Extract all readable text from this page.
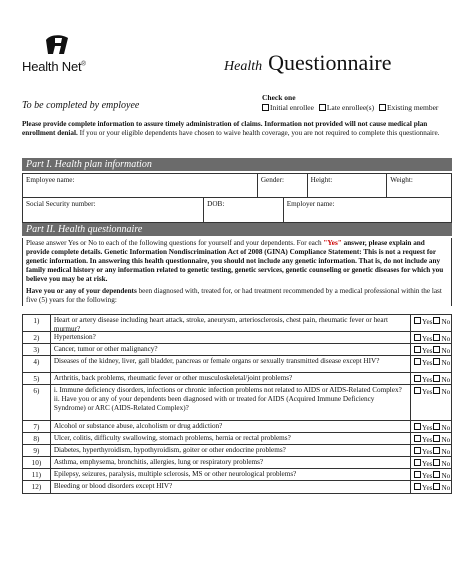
Health Net®	Health Questionnaire
To be completed by employee
Check one
Initial enrollee Late enrollee(s) Existing member
Please provide complete information to assure timely administration of claims. Information not provided will not cause medical plan enrollment denial. If you or your eligible dependents have chosen to waive health coverage, you are not required to complete this questionnaire.
Part I. Health plan information
Employee name:	Gender:	Height:	Weight:
Social Security number:	DOB:	Employer name:
Part II. Health questionnaire
Please answer Yes or No to each of the following questions for yourself and your dependents. For each "Yes" answer, please explain and provide complete details. Genetic Information Nondiscrimination Act of 2008 (GINA) Compliance Statement: This is not a request for genetic information. In answering this health questionnaire, you should not include any genetic information. That is, do not include any family medical history or any information related to genetic testing, genetic services, genetic counseling or genetic diseases for which you believe you may be at risk.
Have you or any of your dependents been diagnosed with, treated for, or had treatment recommended by a medical professional within the last five (5) years for the following:
1)	Heart or artery disease including heart attack, stroke, aneurysm, arteriosclerosis, chest pain, rheumatic fever or heart murmur?
Yes No
2)	Hypertension?	Yes No
3)	Cancer, tumor or other malignancy?	Yes No
4)	Diseases of the kidney, liver, gall bladder, pancreas or female organs or sexually transmitted disease except HIV?	Yes No
5)	Arthritis, back problems, rheumatic fever or other musculoskeletal/joint problems?	Yes No
6)	i. Immune deficiency disorders, infections or chronic infection problems not related to AIDS or AIDS-Related Complex?
ii. Have you or any of your dependents been diagnosed with or treated for AIDS (Acquired Immune Deficiency Syndrome) or ARC (AIDS-Related Complex)?
Yes No
7)	Alcohol or substance abuse, alcoholism or drug addiction?	Yes No
8)	Ulcer, colitis, difficulty swallowing, stomach problems, hernia or rectal problems?	Yes No
9)	Diabetes, hyperthyroidism, hypothyroidism, goiter or other endocrine problems?	Yes No
10)	Asthma, emphysema, bronchitis, allergies, lung or respiratory problems?	Yes No
11)	Epilepsy, seizures, paralysis, multiple sclerosis, MS or other neurological problems?	Yes No
12)	Bleeding or blood disorders except HIV?	Yes No
